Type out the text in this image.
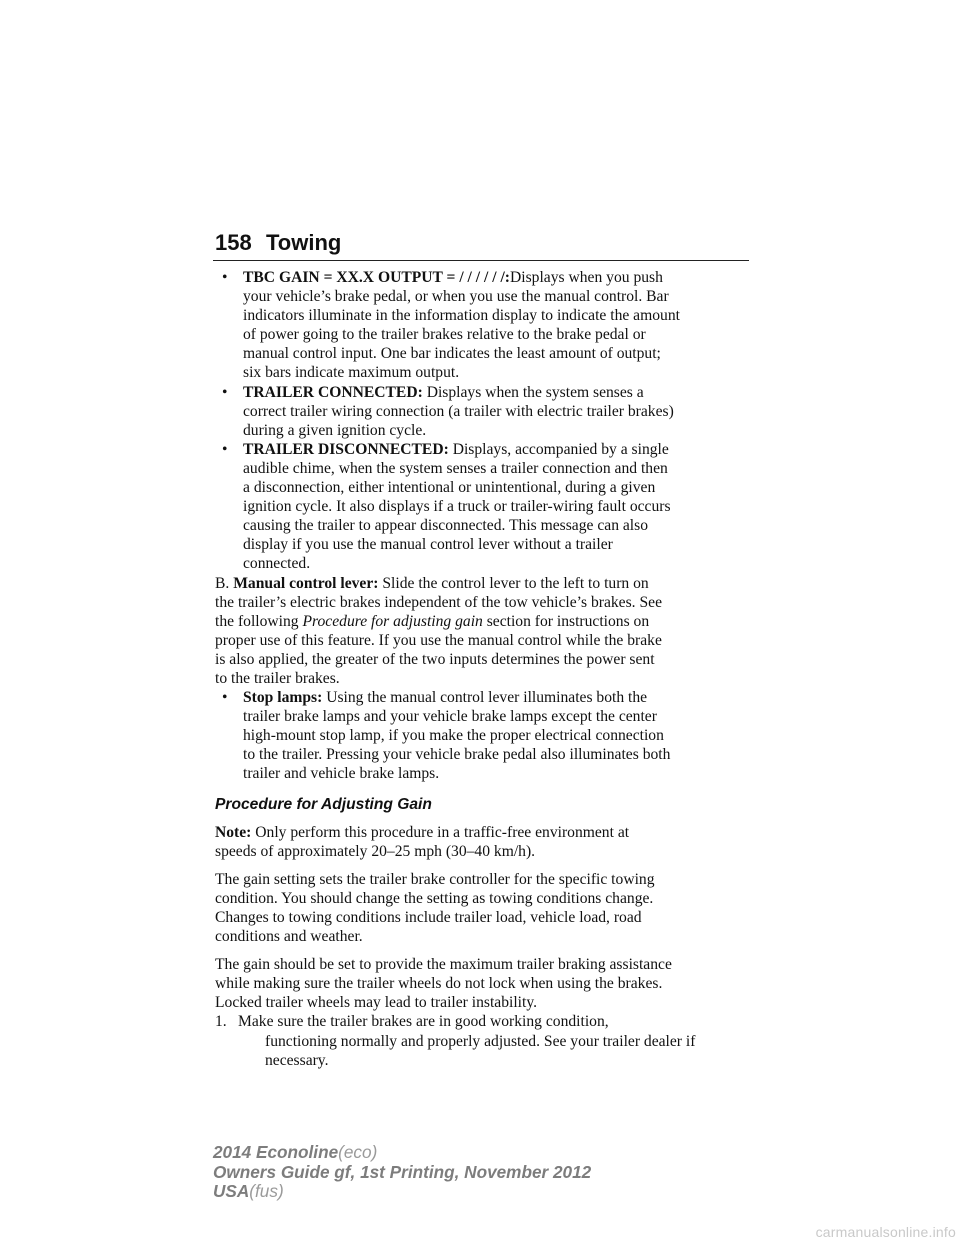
158 Towing
• TBC GAIN = XX.X OUTPUT = / / / / / /:Displays when you push
your vehicle’s brake pedal, or when you use the manual control. Bar
indicators illuminate in the information display to indicate the amount
of power going to the trailer brakes relative to the brake pedal or
manual control input. One bar indicates the least amount of output;
six bars indicate maximum output.
• TRAILER CONNECTED: Displays when the system senses a
correct trailer wiring connection (a trailer with electric trailer brakes)
during a given ignition cycle.
• TRAILER DISCONNECTED: Displays, accompanied by a single
audible chime, when the system senses a trailer connection and then
a disconnection, either intentional or unintentional, during a given
ignition cycle. It also displays if a truck or trailer-wiring fault occurs
causing the trailer to appear disconnected. This message can also
display if you use the manual control lever without a trailer
connected.
B. Manual control lever: Slide the control lever to the left to turn on
the trailer’s electric brakes independent of the tow vehicle’s brakes. See
the following Procedure for adjusting gain section for instructions on
proper use of this feature. If you use the manual control while the brake
is also applied, the greater of the two inputs determines the power sent
to the trailer brakes.
• Stop lamps: Using the manual control lever illuminates both the
trailer brake lamps and your vehicle brake lamps except the center
high-mount stop lamp, if you make the proper electrical connection
to the trailer. Pressing your vehicle brake pedal also illuminates both
trailer and vehicle brake lamps.
Procedure for Adjusting Gain
Note: Only perform this procedure in a traffic-free environment at
speeds of approximately 20–25 mph (30–40 km/h).
The gain setting sets the trailer brake controller for the specific towing
condition. You should change the setting as towing conditions change.
Changes to towing conditions include trailer load, vehicle load, road
conditions and weather.
The gain should be set to provide the maximum trailer braking assistance
while making sure the trailer wheels do not lock when using the brakes.
Locked trailer wheels may lead to trailer instability.
1. Make sure the trailer brakes are in good working condition,
functioning normally and properly adjusted. See your trailer dealer if
necessary.
2014 Econoline(eco)
Owners Guide gf, 1st Printing, November 2012
USA(fus)
carmanualsonline.info
